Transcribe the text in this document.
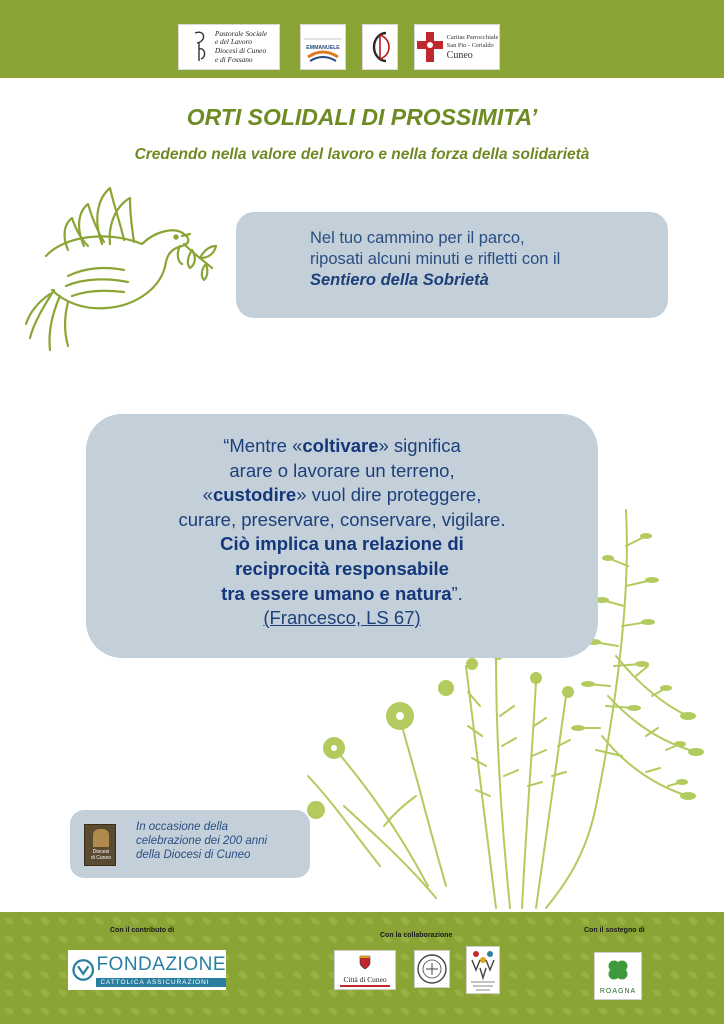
Pastorale Sociale
e del Lavoro
Diocesi di Cuneo
e di Fossano
EMMANUELE
Caritas Parrocchiale
San Pio - Cerialdo
Cuneo
ORTI SOLIDALI DI PROSSIMITA’
Credendo nella valore del lavoro e nella forza della solidarietà
Nel tuo cammino per il parco,
riposati alcuni minuti e rifletti con il
Sentiero della Sobrietà
“Mentre «coltivare» significa
arare o lavorare un terreno,
«custodire» vuol dire proteggere,
curare, preservare, conservare, vigilare.
Ciò implica una relazione di
reciprocità responsabile
tra essere umano e natura”.
(Francesco, LS 67)
Diocesi
di Cuneo
In occasione della
celebrazione dei 200 anni
della Diocesi di Cuneo
Con il contributo di
Con la collaborazione
Con il sostegno di
FONDAZIONE
CATTOLICA ASSICURAZIONI	Città di Cuneo
ROAGNA
